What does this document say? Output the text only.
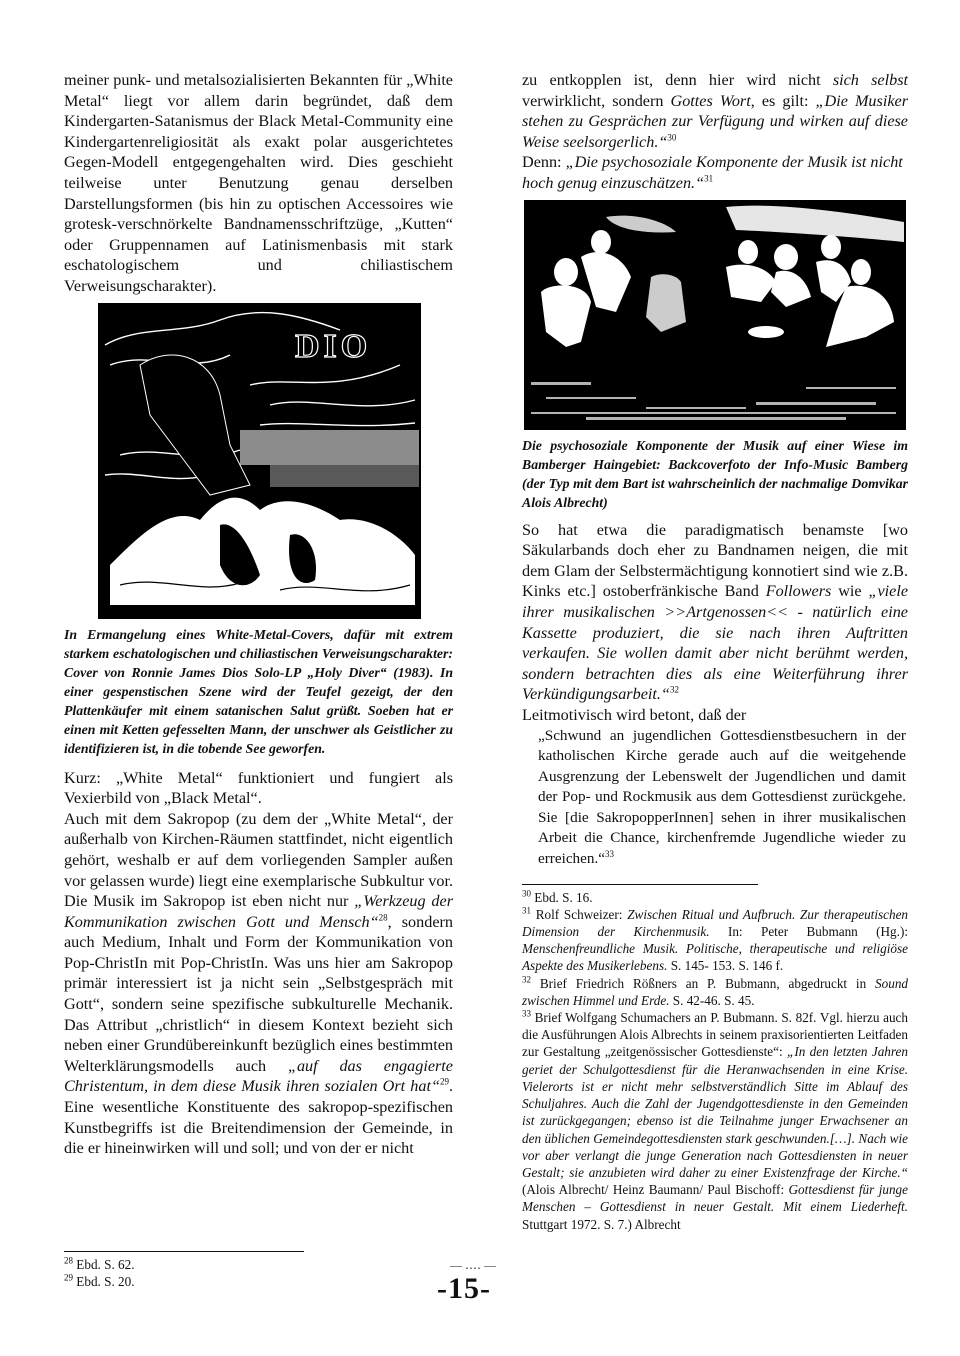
meiner punk- und metalsozialisierten Bekannten für „White Metal“ liegt vor allem darin begründet, daß dem Kindergarten-Satanismus der Black Metal-Community eine Kindergartenreligiosität als exakt polar ausgerichtetes Gegen-Modell entgegengehalten wird. Dies geschieht teilweise unter Benutzung genau derselben Darstellungsformen (bis hin zu optischen Accessoires wie grotesk-verschnörkelte Bandnamensschriftzüge, „Kutten“ oder Gruppennamen auf Latinismenbasis mit stark eschatologischem und chiliastischem Verweisungscharakter).

DIO

In Ermangelung eines White-Metal-Covers, dafür mit extrem starkem eschatologischen und chiliastischen Verweisungscharakter: Cover von Ronnie James Dios Solo-LP „Holy Diver“ (1983). In einer gespenstischen Szene wird der Teufel gezeigt, der den Plattenkäufer mit einem satanischen Salut grüßt. Soeben hat er einen mit Ketten gefesselten Mann, der unschwer als Geistlicher zu identifizieren ist, in die tobende See geworfen.

Kurz: „White Metal“ funktioniert und fungiert als Vexierbild von „Black Metal“.

Auch mit dem Sakropop (zu dem der „White Metal“, der außerhalb von Kirchen-Räumen stattfindet, nicht eigentlich gehört, weshalb er auf dem vorliegenden Sampler außen vor gelassen wurde) liegt eine exemplarische Subkultur vor. Die Musik im Sakropop ist eben nicht nur „Werkzeug der Kommunikation zwischen Gott und Mensch“$^{28}$, sondern auch Medium, Inhalt und Form der Kommunikation von Pop-ChristIn mit Pop-ChristIn. Was uns hier am Sakropop primär interessiert ist ja nicht sein „Selbstgespräch mit Gott“, sondern seine spezifische subkulturelle Mechanik. Das Attribut „christlich“ in diesem Kontext bezieht sich neben einer Grundübereinkunft bezüglich eines bestimmten Welterklärungsmodells auch „auf das engagierte Christentum, in dem diese Musik ihren sozialen Ort hat“$^{29}$. Eine wesentliche Konstituente des sakropop-spezifischen Kunstbegriffs ist die Breitendimension der Gemeinde, in die er hineinwirken will und soll; und von der er nicht

$^{28}$ Ebd. S. 62.
$^{29}$ Ebd. S. 20.

zu entkopplen ist, denn hier wird nicht sich selbst verwirklicht, sondern Gottes Wort, es gilt: „Die Musiker stehen zu Gesprächen zur Verfügung und wirken auf diese Weise seelsorgerlich.“$^{30}$

Denn: „Die psychosoziale Komponente der Musik ist nicht hoch genug einzuschätzen.“$^{31}$

Die psychosoziale Komponente der Musik auf einer Wiese im Bamberger Haingebiet: Backcoverfoto der Info-Music Bamberg (der Typ mit dem Bart ist wahrscheinlich der nachmalige Domvikar Alois Albrecht)

So hat etwa die paradigmatisch benamste [wo Säkularbands doch eher zu Bandnamen neigen, die mit dem Glam der Selbstermächtigung konnotiert sind wie z.B. Kinks etc.] ostoberfränkische Band Followers wie „viele ihrer musikalischen >>Artgenossen<< - natürlich eine Kassette produziert, die sie nach ihren Auftritten verkaufen. Sie wollen damit aber nicht berühmt werden, sondern betrachten dies als eine Weiterführung ihrer Verkündigungsarbeit.“$^{32}$

Leitmotivisch wird betont, daß der

„Schwund an jugendlichen Gottesdienstbesuchern in der katholischen Kirche gerade auch auf die weitgehende Ausgrenzung der Lebenswelt der Jugendlichen und damit der Pop- und Rockmusik aus dem Gottesdienst zurückgehe. Sie [die SakropopperInnen] sehen in ihrer musikalischen Arbeit die Chance, kirchenfremde Jugendliche wieder zu erreichen.“$^{33}$

$^{30}$ Ebd. S. 16.
$^{31}$ Rolf Schweizer: Zwischen Ritual und Aufbruch. Zur therapeutischen Dimension der Kirchenmusik. In: Peter Bubmann (Hg.): Menschenfreundliche Musik. Politische, therapeutische und religiöse Aspekte des Musikerlebens. S. 145- 153. S. 146 f.
$^{32}$ Brief Friedrich Rößners an P. Bubmann, abgedruckt in Sound zwischen Himmel und Erde. S. 42-46. S. 45.
$^{33}$ Brief Wolfgang Schumachers an P. Bubmann. S. 82f. Vgl. hierzu auch die Ausführungen Alois Albrechts in seinem praxisorientierten Leitfaden zur Gestaltung „zeitgenössischer Gottesdienste“: „In den letzten Jahren geriet der Schulgottesdienst für die Heranwachsenden in eine Krise. Vielerorts ist er nicht mehr selbstverständlich Sitte im Ablauf des Schuljahres. Auch die Zahl der Jugendgottesdienste in den Gemeinden ist zurückgegangen; ebenso ist die Teilnahme junger Erwachsener an den üblichen Gemeindegottesdiensten stark geschwunden.[…]. Nach wie vor aber verlangt die junge Generation nach Gottesdiensten in neuer Gestalt; sie anzubieten wird daher zu einer Existenzfrage der Kirche.“ (Alois Albrecht/ Heinz Baumann/ Paul Bischoff: Gottesdienst für junge Menschen – Gottesdienst in neuer Gestalt. Mit einem Liederheft. Stuttgart 1972. S. 7.) Albrecht
— ‥‥ —
-15-
